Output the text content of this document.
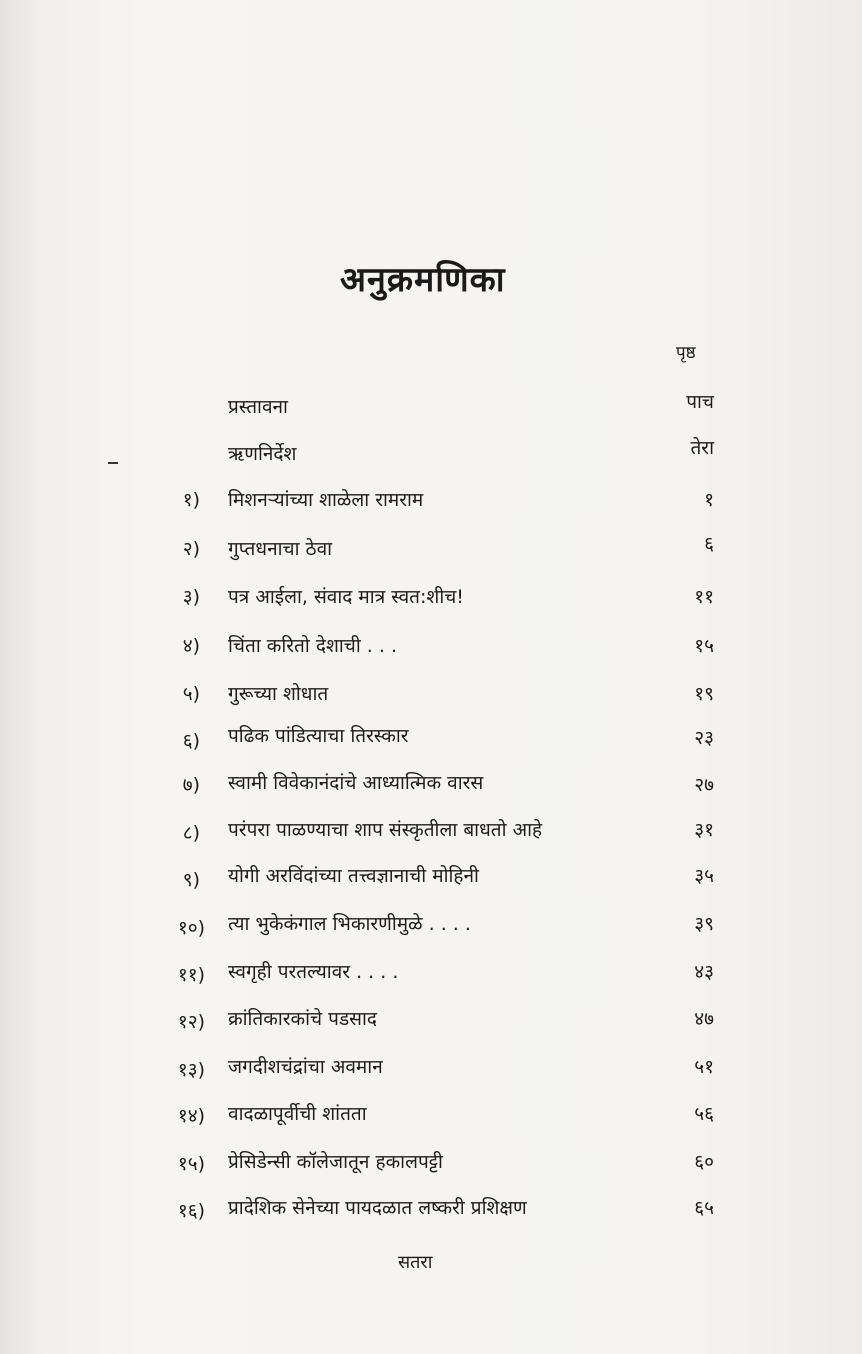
अनुक्रमणिका
पृष्ठ
प्रस्तावना	पाच
ऋणनिर्देश	तेरा
१) मिशनऱ्यांच्या शाळेला रामराम	१
२) गुप्तधनाचा ठेवा	६
३) पत्र आईला, संवाद मात्र स्वत:शीच!	११
४) चिंता करितो देशाची . . .	१५
५) गुरूच्या शोधात	१९
६) पढिक पांडित्याचा तिरस्कार	२३
७) स्वामी विवेकानंदांचे आध्यात्मिक वारस	२७
८) परंपरा पाळण्याचा शाप संस्कृतीला बाधतो आहे	३१
९) योगी अरविंदांच्या तत्त्वज्ञानाची मोहिनी	३५
१०) त्या भुकेकंगाल भिकारणीमुळे . . . .	३९
११) स्वगृही परतल्यावर . . . .	४३
१२) क्रांतिकारकांचे पडसाद	४७
१३) जगदीशचंद्रांचा अवमान	५१
१४) वादळापूर्वीची शांतता	५६
१५) प्रेसिडेन्सी कॉलेजातून हकालपट्टी	६०
१६) प्रादेशिक सेनेच्या पायदळात लष्करी प्रशिक्षण	६५
सतरा
